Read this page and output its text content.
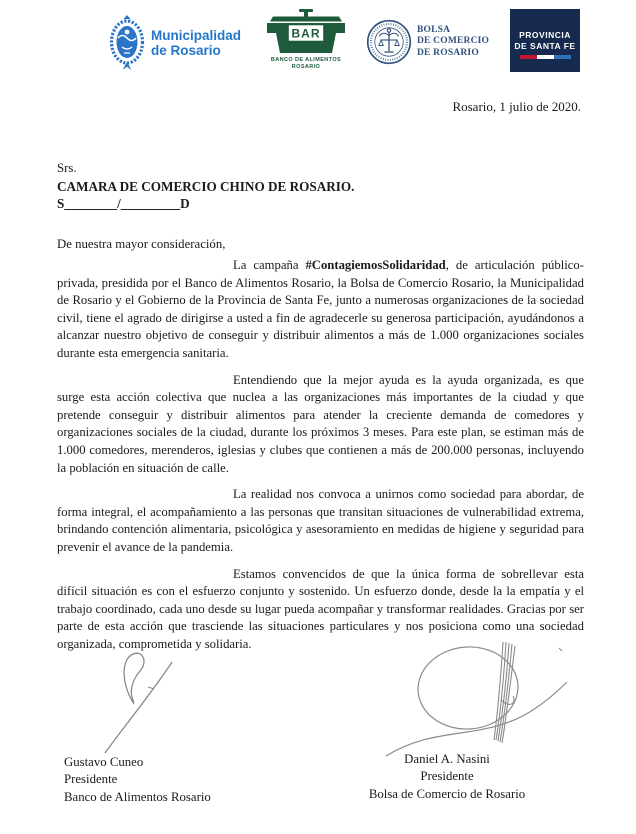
Municipalidad
de Rosario
BAR
BANCO DE ALIMENTOS
ROSARIO
BOLSA
DE COMERCIO
DE ROSARIO
PROVINCIA
DE SANTA FE
Rosario, 1 julio de 2020.
Srs.
CAMARA DE COMERCIO CHINO DE ROSARIO.
S________/_________D
De nuestra mayor consideración,

La campaña #ContagiemosSolidaridad, de articulación público-privada, presidida por el Banco de Alimentos Rosario, la Bolsa de Comercio Rosario, la Municipalidad de Rosario y el Gobierno de la Provincia de Santa Fe, junto a numerosas organizaciones de la sociedad civil, tiene el agrado de dirigirse a usted a fin de agradecerle su generosa participación, ayudándonos a alcanzar nuestro objetivo de conseguir y distribuir alimentos a más de 1.000 organizaciones sociales durante esta emergencia sanitaria.

Entendiendo que la mejor ayuda es la ayuda organizada, es que surge esta acción colectiva que nuclea a las organizaciones más importantes de la ciudad y que pretende conseguir y distribuir alimentos para atender la creciente demanda de comedores y organizaciones sociales de la ciudad, durante los próximos 3 meses. Para este plan, se estiman más de 1.000 comedores, merenderos, iglesias y clubes que contienen a más de 200.000 personas, incluyendo la población en situación de calle.

La realidad nos convoca a unirnos como sociedad para abordar, de forma integral, el acompañamiento a las personas que transitan situaciones de vulnerabilidad extrema, brindando contención alimentaria, psicológica y asesoramiento en medidas de higiene y seguridad para prevenir el avance de la pandemia.

Estamos convencidos de que la única forma de sobrellevar esta difícil situación es con el esfuerzo conjunto y sostenido. Un esfuerzo donde, desde la la empatía y el trabajo coordinado, cada uno desde su lugar pueda acompañar y transformar realidades. Gracias por ser parte de esta acción que trasciende las situaciones particulares y nos posiciona como una sociedad organizada, comprometida y solidaria.

Gustavo Cuneo
Presidente
Banco de Alimentos Rosario
Daniel A. Nasini
Presidente
Bolsa de Comercio de Rosario
